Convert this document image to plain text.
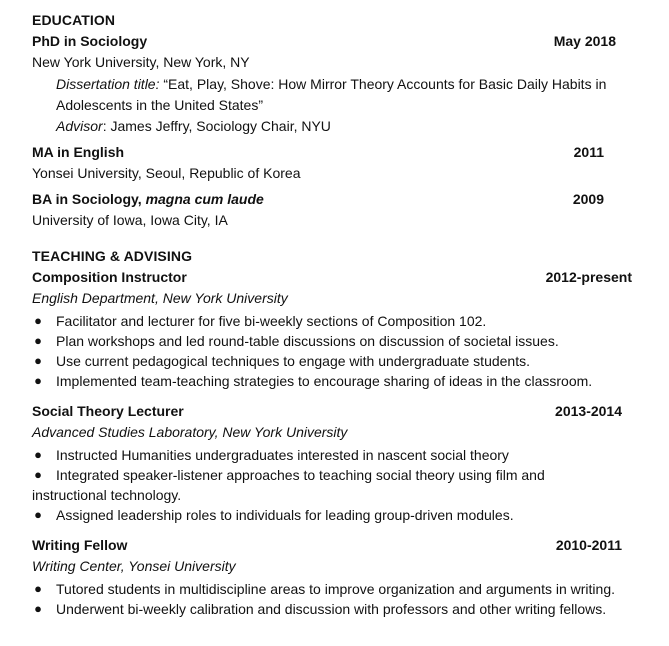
EDUCATION
PhD in Sociology	May 2018
New York University, New York, NY
Dissertation title: “Eat, Play, Shove: How Mirror Theory Accounts for Basic Daily Habits in
Adolescents in the United States”
Advisor: James Jeffry, Sociology Chair, NYU
MA in English	2011
Yonsei University, Seoul, Republic of Korea
BA in Sociology, magna cum laude	2009
University of Iowa, Iowa City, IA
TEACHING & ADVISING
Composition Instructor	2012-present
English Department, New York University
● Facilitator and lecturer for five bi-weekly sections of Composition 102.
● Plan workshops and led round-table discussions on discussion of societal issues.
● Use current pedagogical techniques to engage with undergraduate students.
● Implemented team-teaching strategies to encourage sharing of ideas in the classroom.
Social Theory Lecturer	2013-2014
Advanced Studies Laboratory, New York University
● Instructed Humanities undergraduates interested in nascent social theory
● Integrated speaker-listener approaches to teaching social theory using film and instructional technology.
● Assigned leadership roles to individuals for leading group-driven modules.
Writing Fellow	2010-2011
Writing Center, Yonsei University
● Tutored students in multidiscipline areas to improve organization and arguments in writing.
● Underwent bi-weekly calibration and discussion with professors and other writing fellows.
